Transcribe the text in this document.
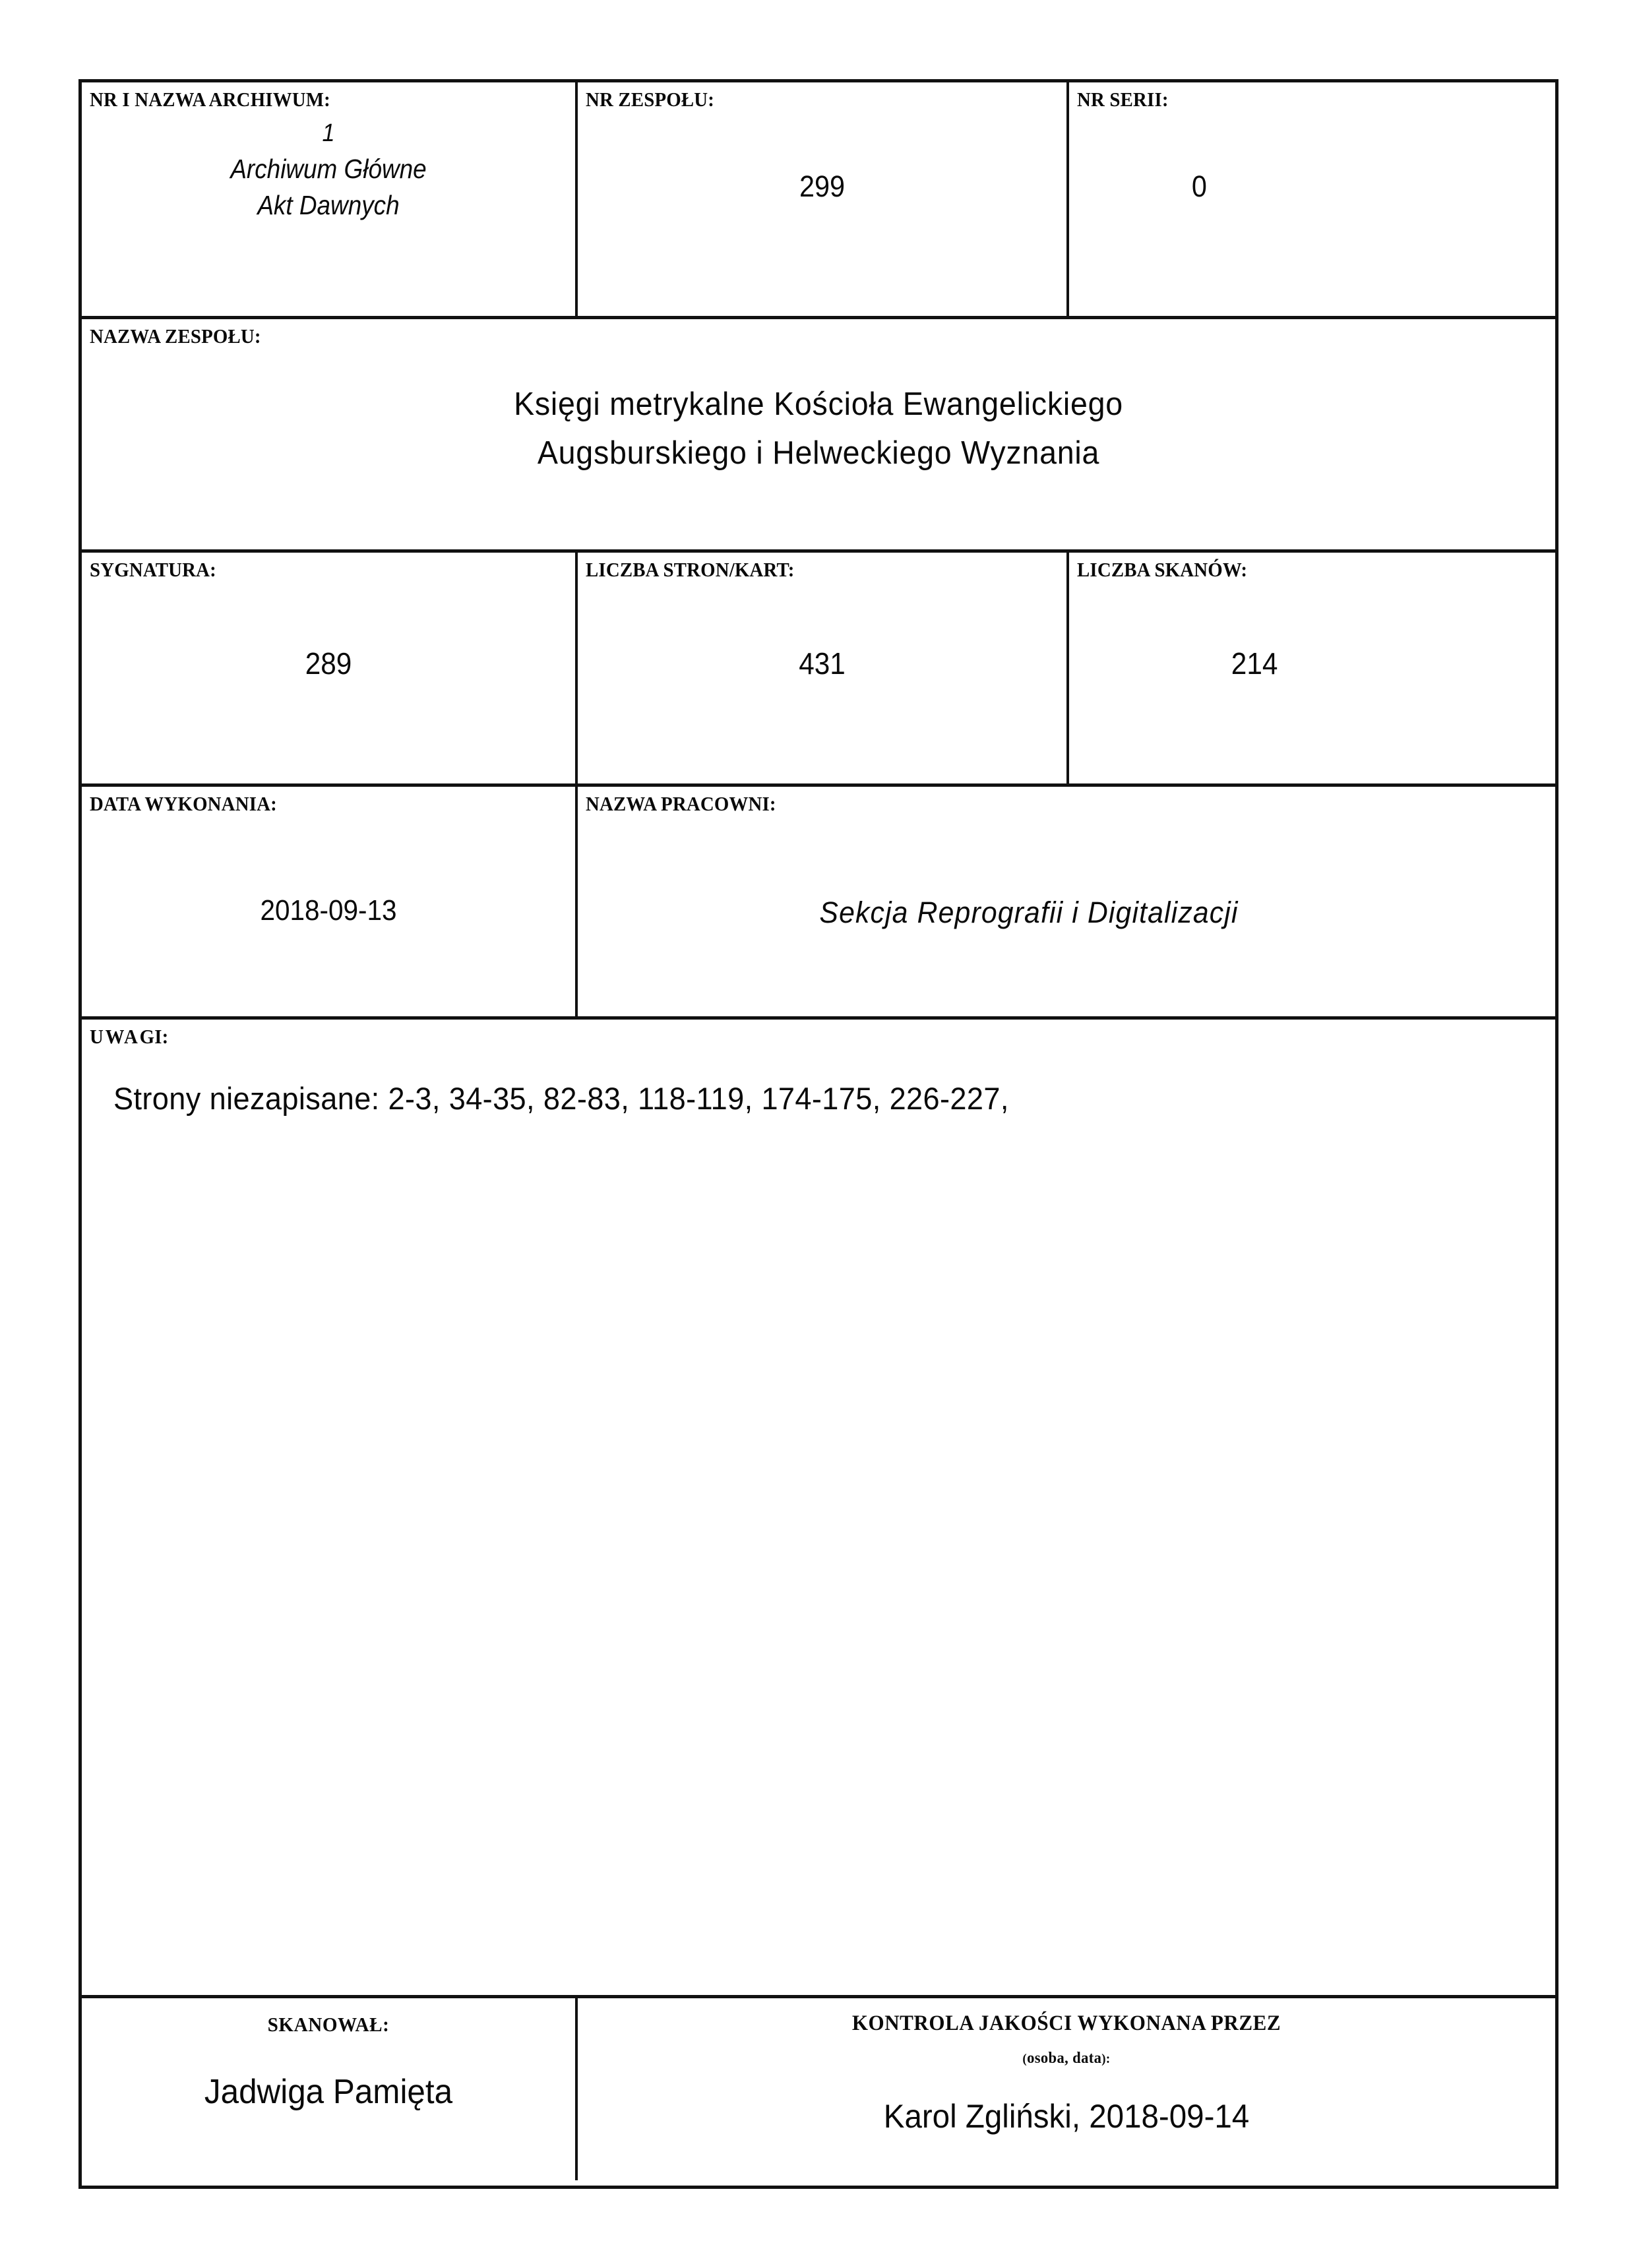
NR I NAZWA ARCHIWUM:
1
Archiwum Główne
Akt Dawnych
NR ZESPOŁU:
299
NR SERII:
0
NAZWA ZESPOŁU:
Księgi metrykalne Kościoła Ewangelickiego
Augsburskiego i Helweckiego Wyznania
SYGNATURA:
289
LICZBA STRON/KART:
431
LICZBA SKANÓW:
214
DATA WYKONANIA:
2018-09-13
NAZWA PRACOWNI:
Sekcja Reprografii i Digitalizacji
UWAGI:
Strony niezapisane: 2-3, 34-35, 82-83, 118-119, 174-175, 226-227,
SKANOWAŁ:
Jadwiga Pamięta
KONTROLA JAKOŚCI WYKONANA PRZEZ
(osoba, data):
Karol Zgliński, 2018-09-14
